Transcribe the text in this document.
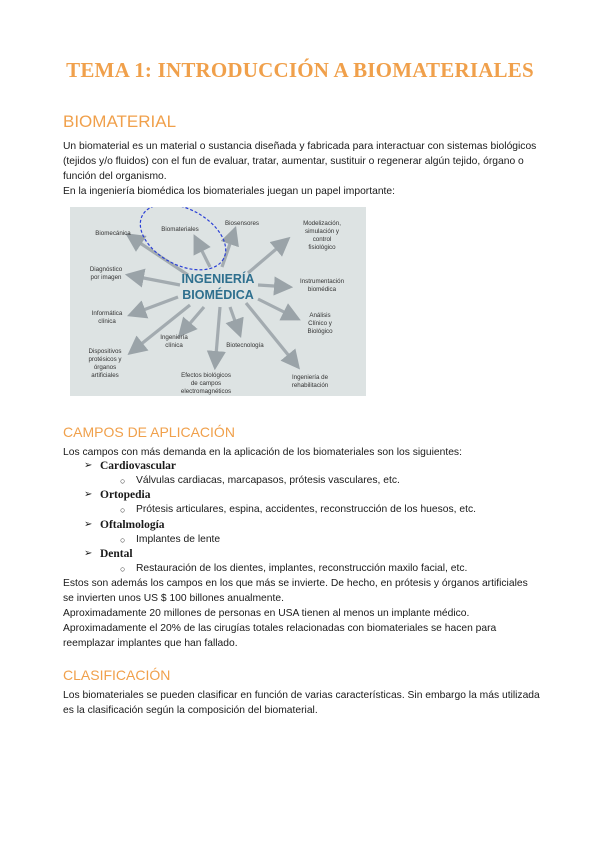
TEMA 1: INTRODUCCIÓN A BIOMATERIALES
BIOMATERIAL

Un biomaterial es un material o sustancia diseñada y fabricada para interactuar con sistemas biológicos (tejidos y/o fluidos) con el fun de evaluar, tratar, aumentar, sustituir o regenerar algún tejido, órgano o función del organismo.

En la ingeniería biomédica los biomateriales juegan un papel importante:

INGENIERÍA
BIOMÉDICA
Biomecánica
Biomateriales
Biosensores	Modelización,
simulación y
control
fisiológico
Diagnóstico
por imagen
Instrumentación
biomédica
Informática
clínica
Análisis
Clínico y
Biológico
Ingeniería
clínica	Biotecnología
Dispositivos
protésicos y
órganos
artificiales	Efectos biológicos
de campos
electromagnéticos
Ingeniería de
rehabilitación
CAMPOS DE APLICACIÓN
Los campos con más demanda en la aplicación de los biomateriales son los siguientes:
➢ Cardiovascular
○ Válvulas cardiacas, marcapasos, prótesis vasculares, etc.
➢ Ortopedia
○ Prótesis articulares, espina, accidentes, reconstrucción de los huesos, etc.
➢ Oftalmología
○ Implantes de lente
➢ Dental
○ Restauración de los dientes, implantes, reconstrucción maxilo facial, etc.

Estos son además los campos en los que más se invierte. De hecho, en prótesis y órganos artificiales se invierten unos US $ 100 billones anualmente.

Aproximadamente 20 millones de personas en USA tienen al menos un implante médico.

Aproximadamente el 20% de las cirugías totales relacionadas con biomateriales se hacen para reemplazar implantes que han fallado.

CLASIFICACIÓN
Los biomateriales se pueden clasificar en función de varias características. Sin embargo la más utilizada es la clasificación según la composición del biomaterial.
